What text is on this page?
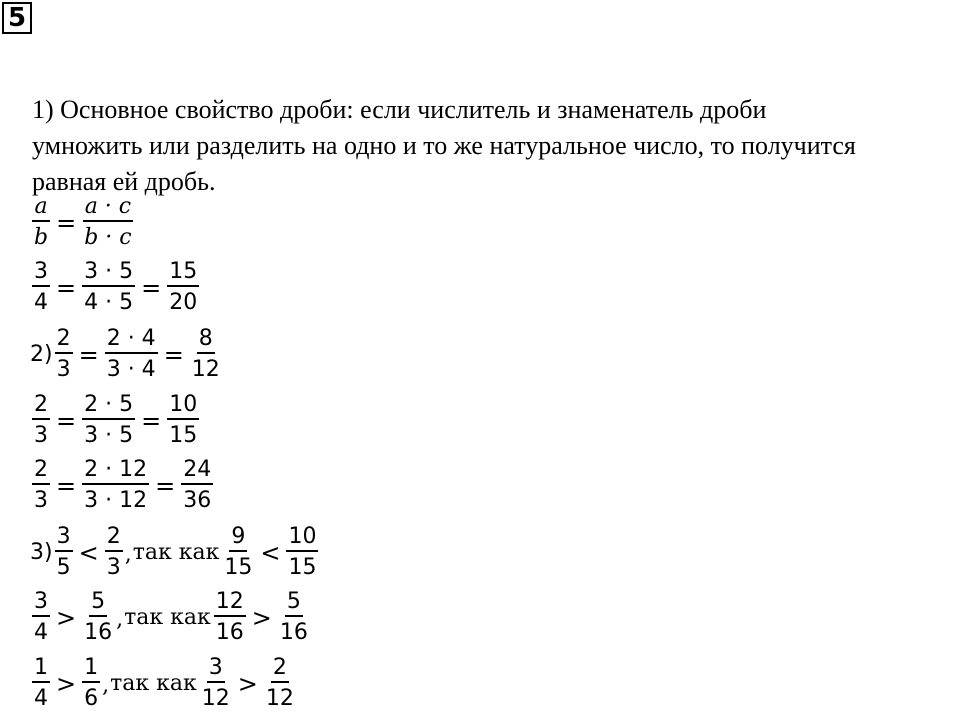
5
1) Основное свойство дроби: если числитель и знаменатель дроби
умножить или разделить на одно и то же натуральное число, то получится
равная ей дробь.
$\frac{a}{b} = \frac{a \cdot c}{b \cdot c}$
$\frac{3}{4} = \frac{3 \cdot 5}{4 \cdot 5} = \frac{15}{20}$
$2) \frac{2}{3} = \frac{2 \cdot 4}{3 \cdot 4} = \frac{8}{12}$
$\frac{2}{3} = \frac{2 \cdot 5}{3 \cdot 5} = \frac{10}{15}$
$\frac{2}{3} = \frac{2 \cdot 12}{3 \cdot 12} = \frac{24}{36}$
$3) \frac{3}{5} < \frac{2}{3}$ , так как $\frac{9}{15} < \frac{10}{15}$
$\frac{3}{4} > \frac{5}{16}$ , так как $\frac{12}{16} > \frac{5}{16}$
$\frac{1}{4} > \frac{1}{6}$ , так как $\frac{3}{12} > \frac{2}{12}$
